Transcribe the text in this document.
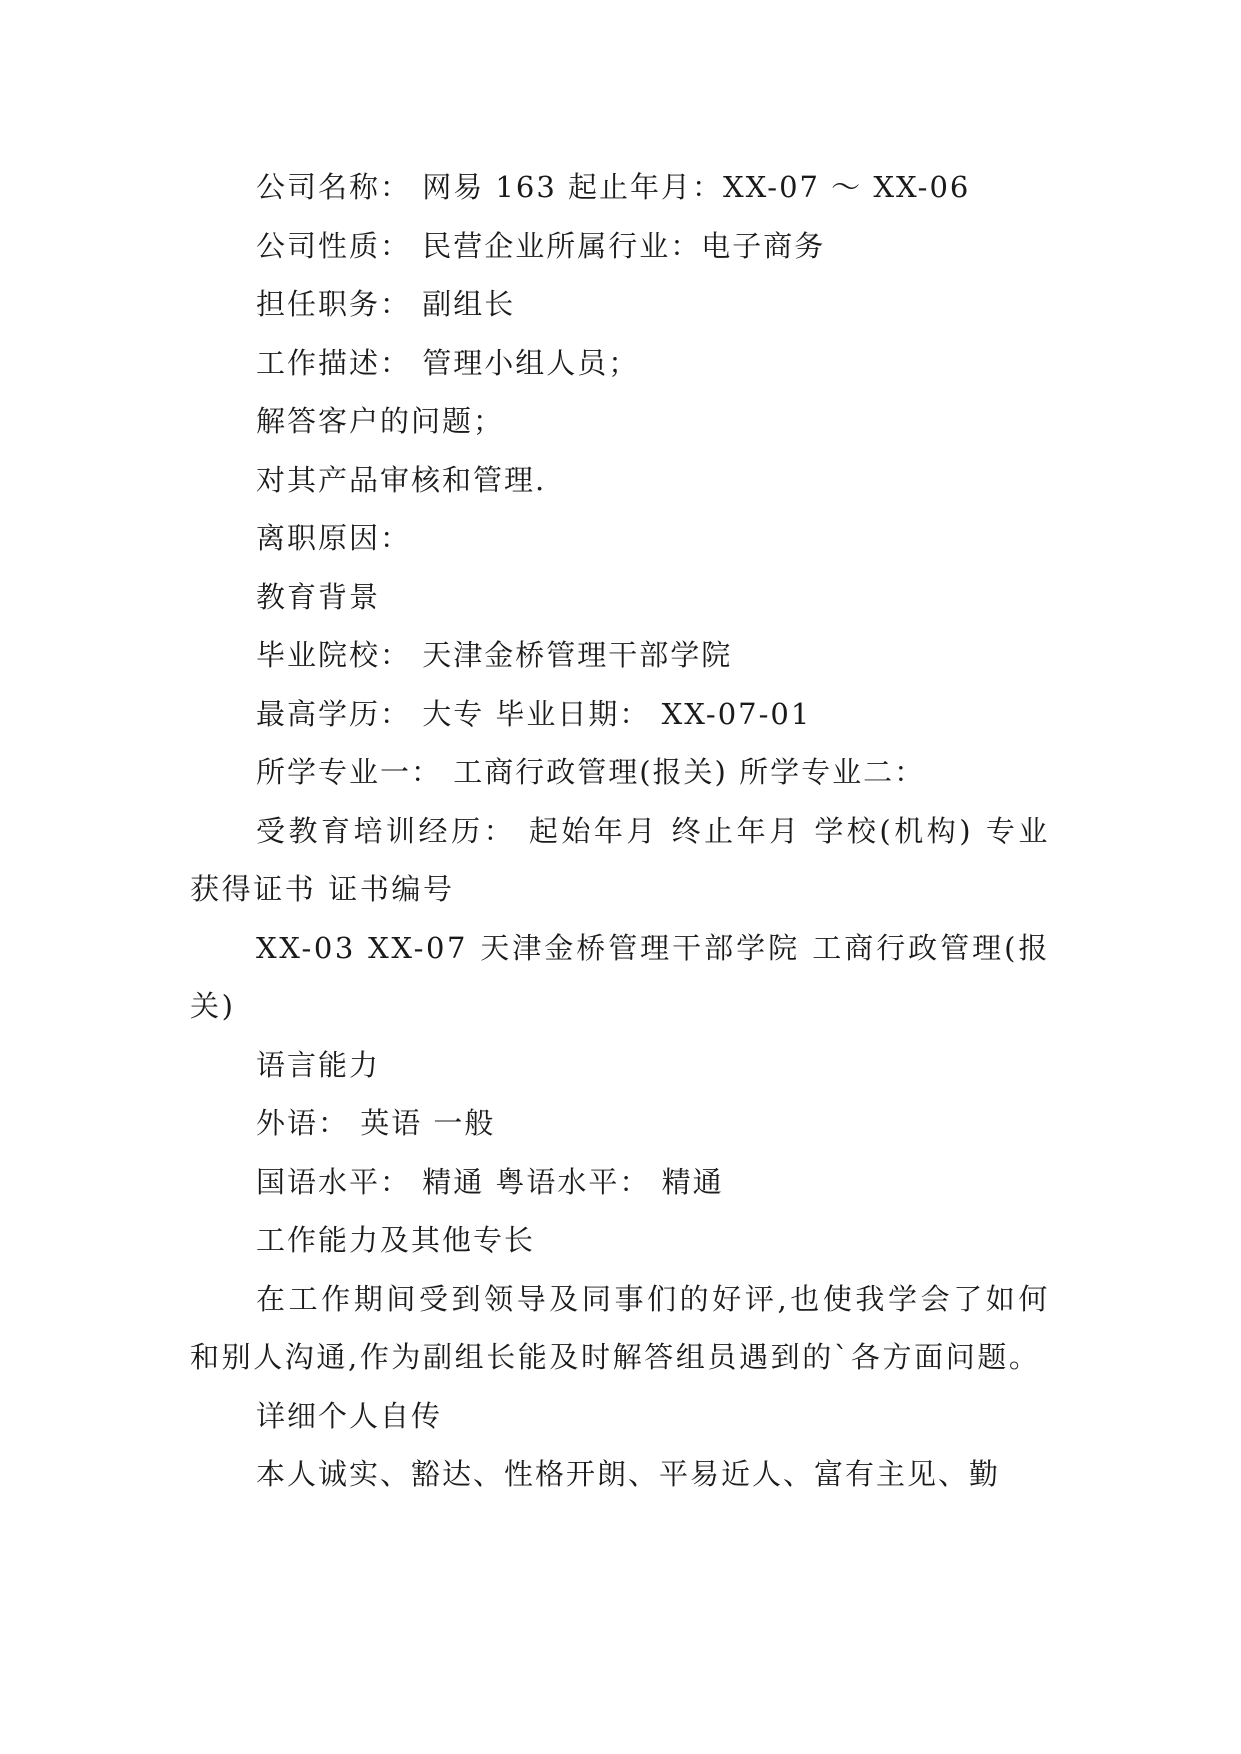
公司名称： 网易 163 起止年月：XX-07 ～ XX-06

公司性质： 民营企业所属行业：电子商务

担任职务： 副组长

工作描述： 管理小组人员；

解答客户的问题；

对其产品审核和管理.

离职原因：

教育背景

毕业院校： 天津金桥管理干部学院

最高学历： 大专 毕业日期： XX-07-01

所学专业一： 工商行政管理(报关) 所学专业二：

受教育培训经历： 起始年月 终止年月 学校(机构) 专业 获得证书 证书编号

XX-03 XX-07 天津金桥管理干部学院 工商行政管理(报关)

语言能力

外语： 英语 一般

国语水平： 精通 粤语水平： 精通

工作能力及其他专长

在工作期间受到领导及同事们的好评,也使我学会了如何和别人沟通,作为副组长能及时解答组员遇到的`各方面问题。

详细个人自传

本人诚实、豁达、性格开朗、平易近人、富有主见、勤
